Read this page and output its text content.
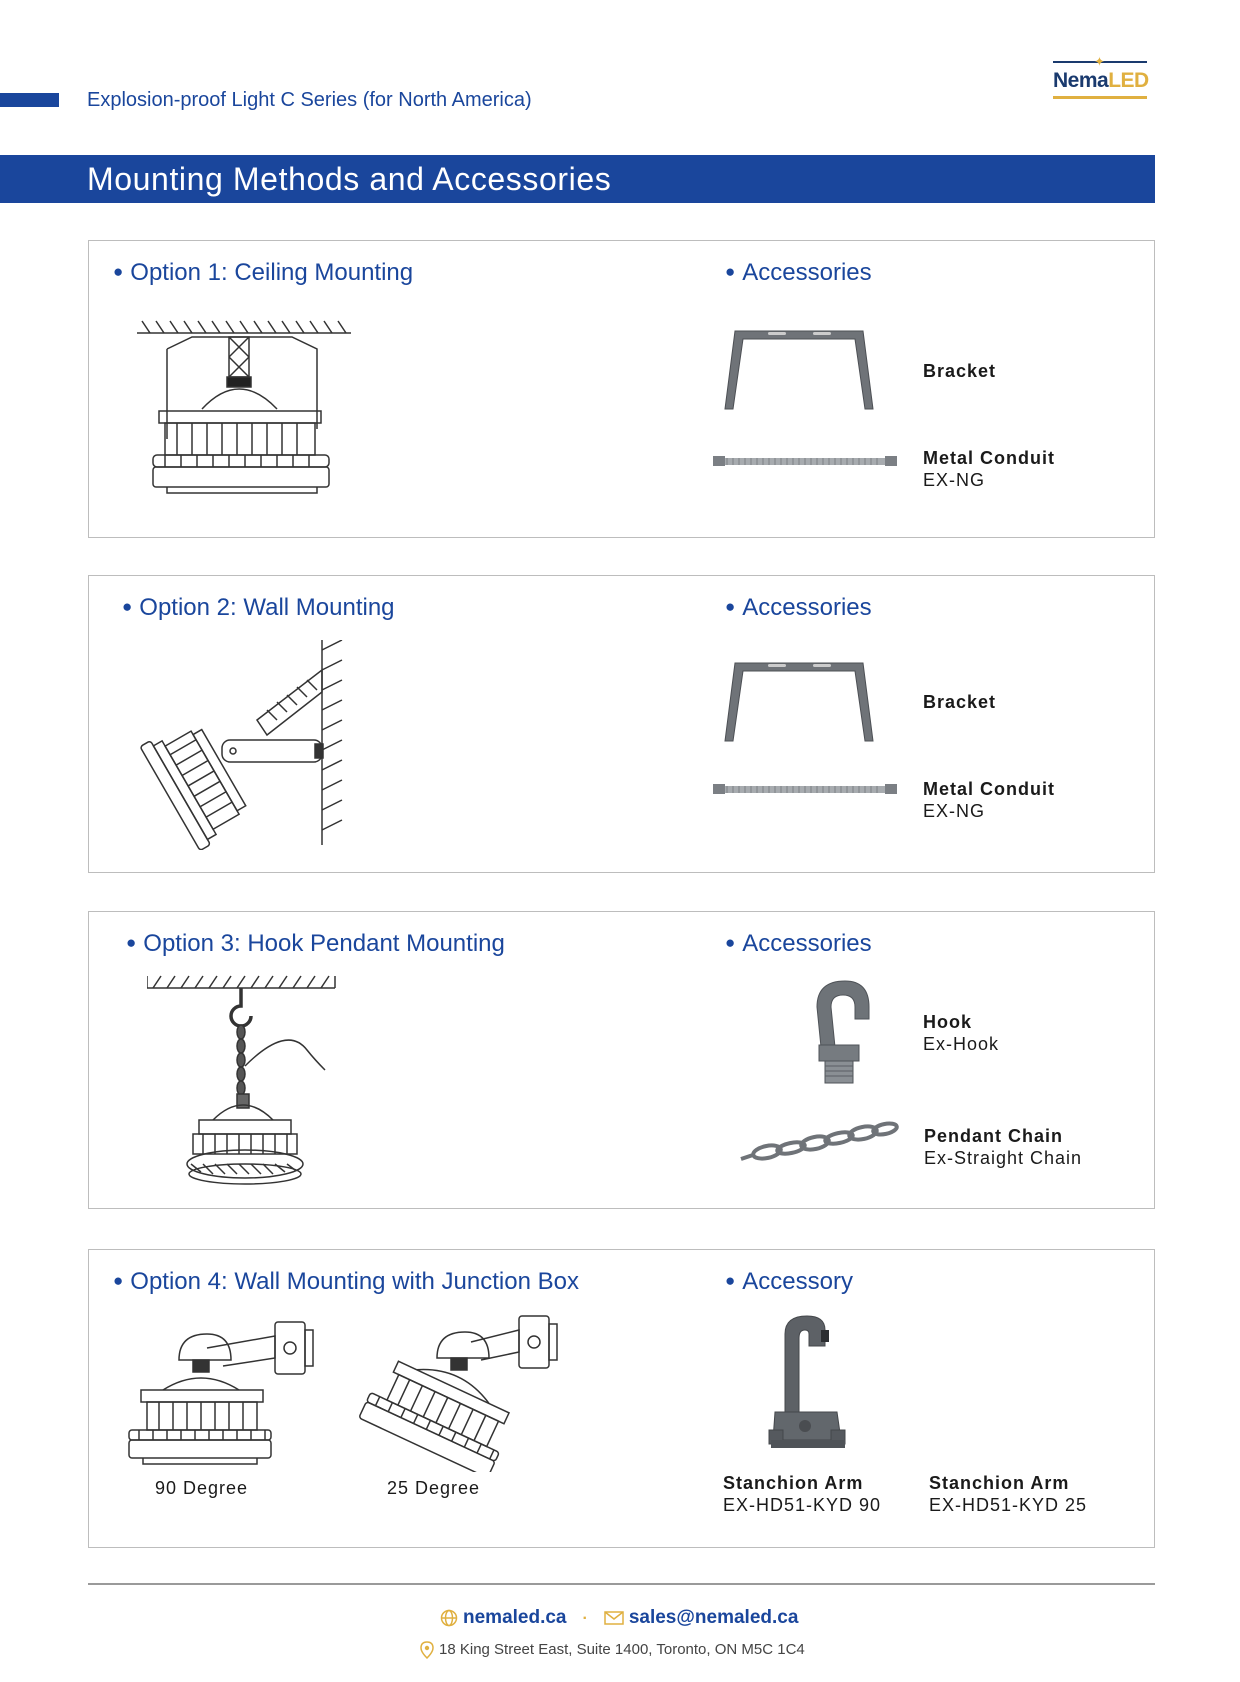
Explosion-proof Light C Series (for North America)
✦
NemaLED
Mounting Methods and Accessories
● Option 1: Ceiling Mounting	● Accessories
Bracket
Metal Conduit
EX-NG
● Option 2: Wall Mounting	● Accessories
Bracket
Metal Conduit
EX-NG
● Option 3: Hook Pendant Mounting	● Accessories
Hook
Ex-Hook
Pendant Chain
Ex-Straight Chain
● Option 4: Wall Mounting with Junction Box	● Accessory
90 Degree	25 Degree	Stanchion Arm
EX-HD51-KYD 90
Stanchion Arm
EX-HD51-KYD 25
nemaled.ca · sales@nemaled.ca
18 King Street East, Suite 1400, Toronto, ON M5C 1C4
